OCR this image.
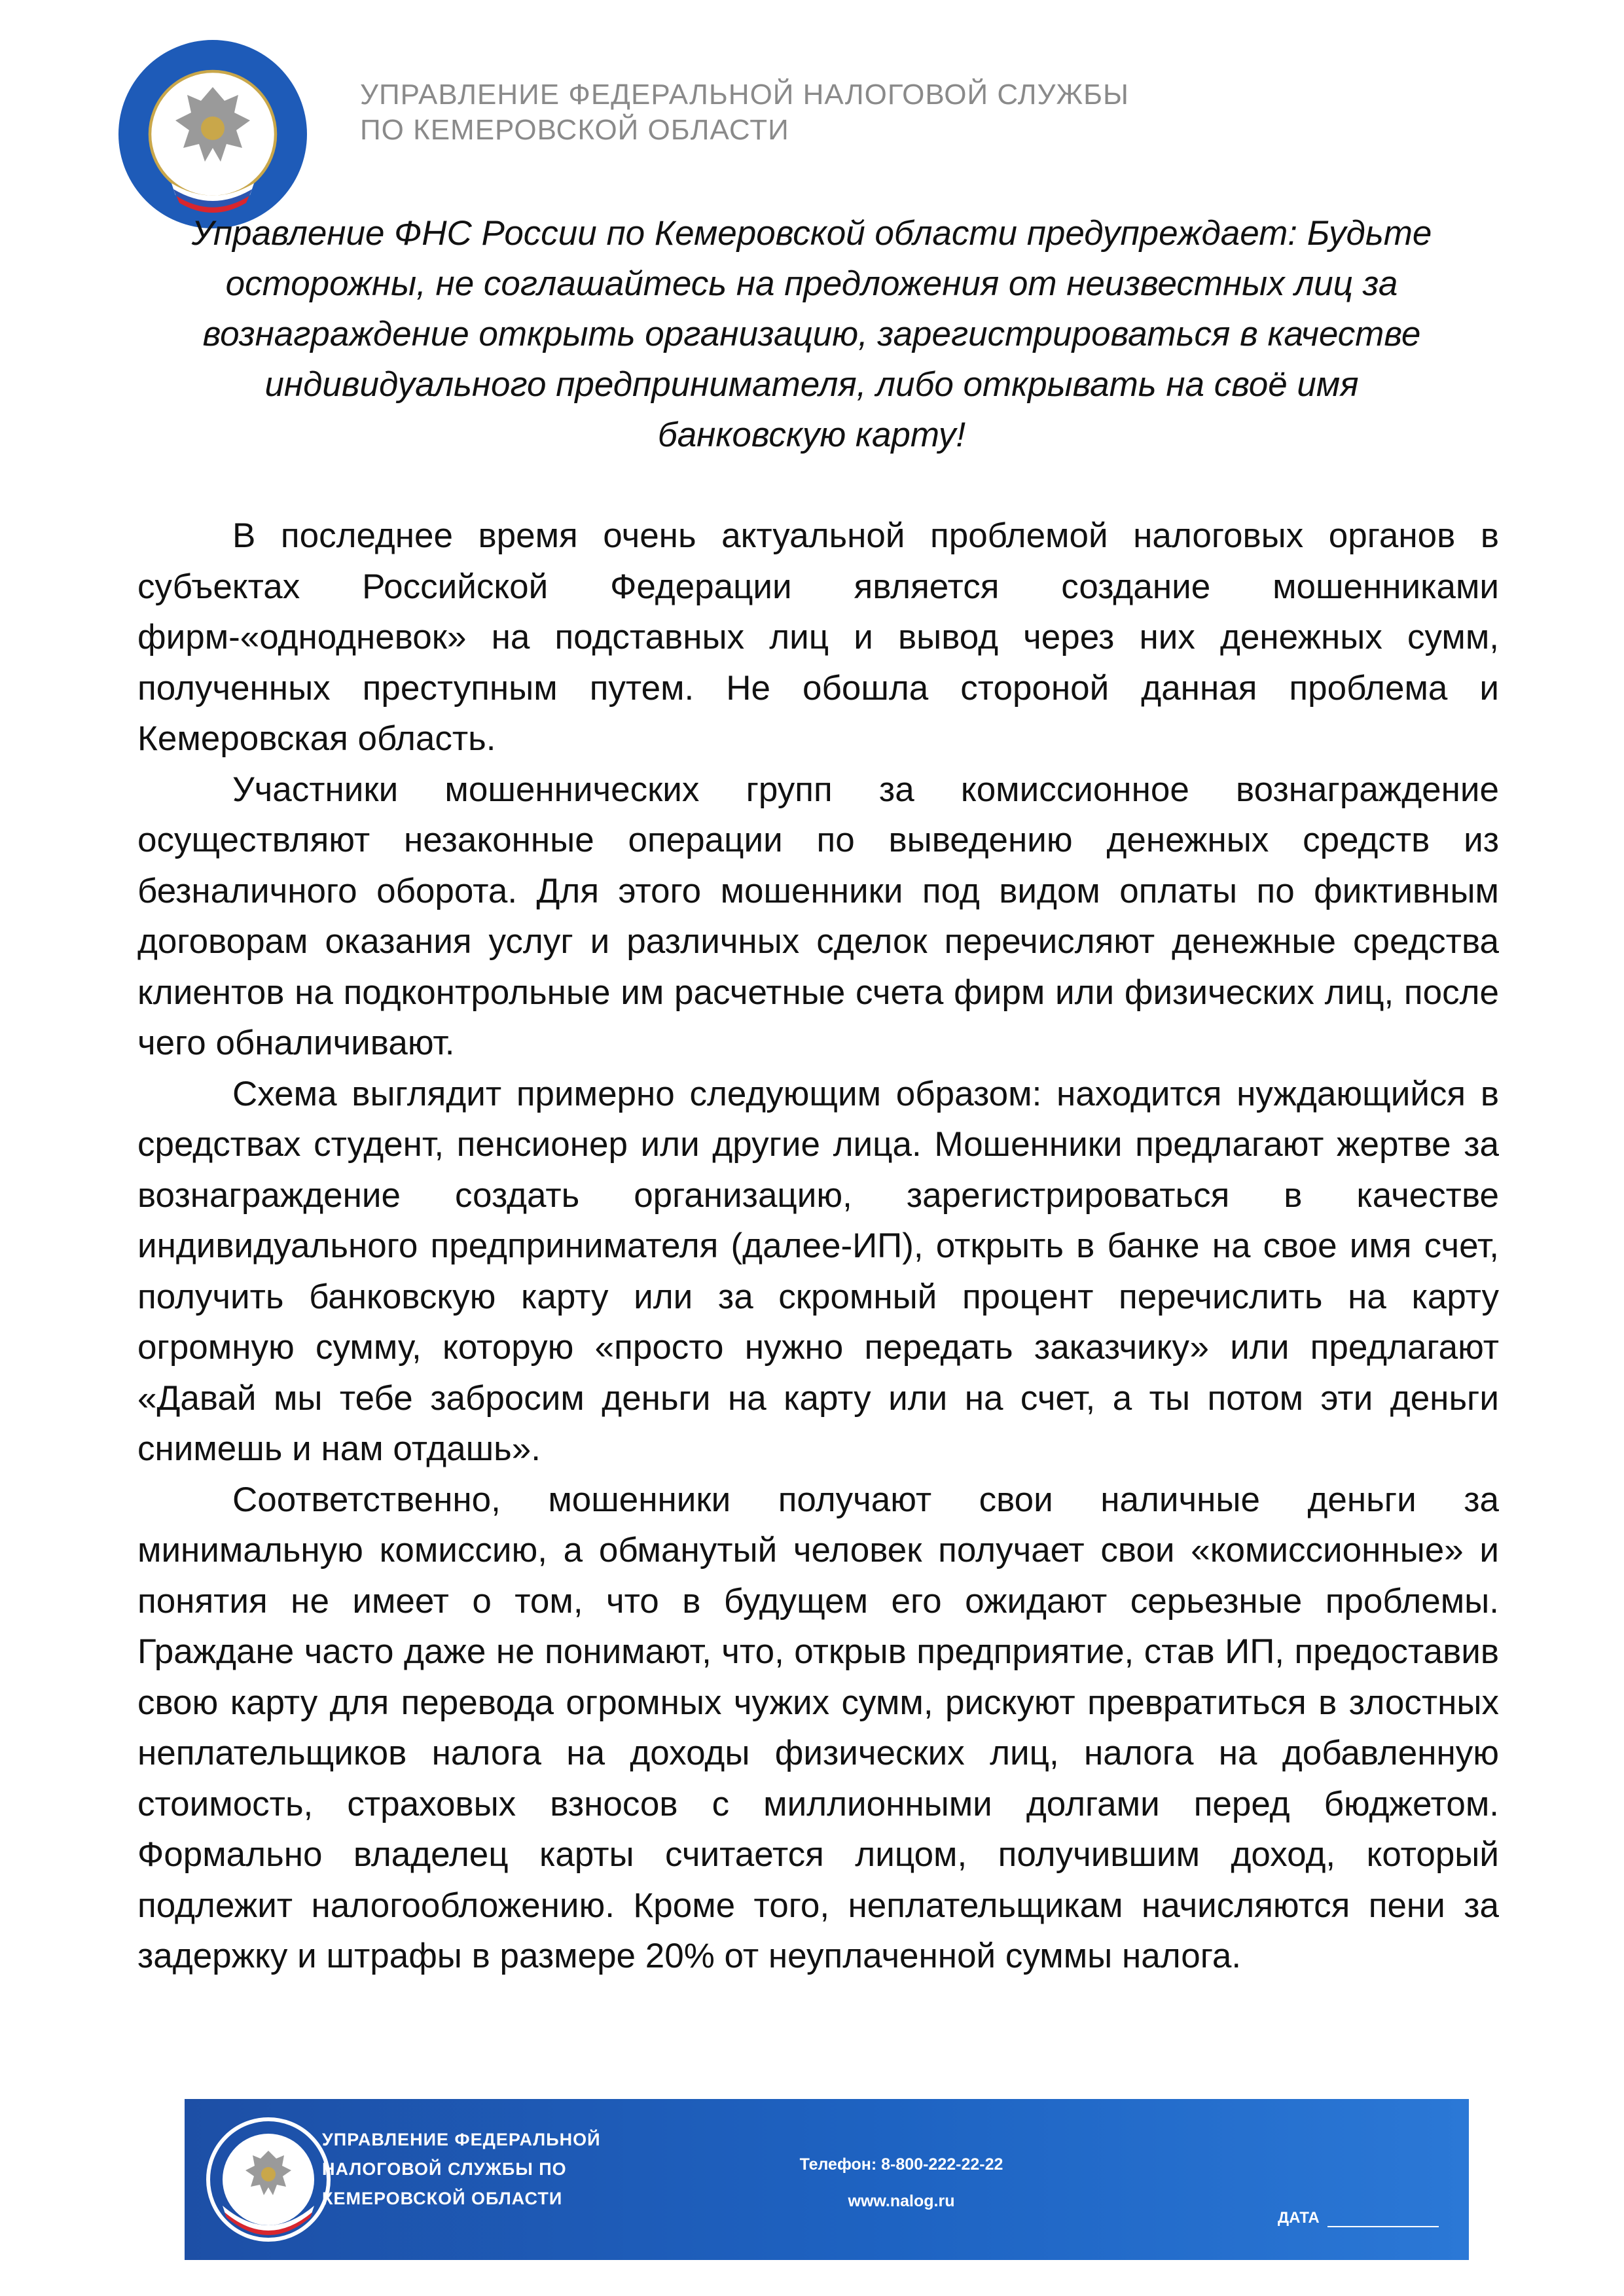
УПРАВЛЕНИЕ ФЕДЕРАЛЬНОЙ НАЛОГОВОЙ СЛУЖБЫ
ПО КЕМЕРОВСКОЙ ОБЛАСТИ
Управление ФНС России по Кемеровской области предупреждает: Будьте
осторожны, не соглашайтесь на предложения от неизвестных лиц за
вознаграждение открыть организацию, зарегистрироваться в качестве
индивидуального предпринимателя, либо открывать на своё имя
банковскую карту!

В последнее время очень актуальной проблемой налоговых органов в субъектах Российской Федерации является создание мошенниками фирм-«однодневок» на подставных лиц и вывод через них денежных сумм, полученных преступным путем. Не обошла стороной данная проблема и Кемеровская область.

Участники мошеннических групп за комиссионное вознаграждение осуществляют незаконные операции по выведению денежных средств из безналичного оборота. Для этого мошенники под видом оплаты по фиктивным договорам оказания услуг и различных сделок перечисляют денежные средства клиентов на подконтрольные им расчетные счета фирм или физических лиц, после чего обналичивают.

Схема выглядит примерно следующим образом: находится нуждающийся в средствах студент, пенсионер или другие лица. Мошенники предлагают жертве за вознаграждение создать организацию, зарегистрироваться в качестве индивидуального предпринимателя (далее-ИП), открыть в банке на свое имя счет, получить банковскую карту или за скромный процент перечислить на карту огромную сумму, которую «просто нужно передать заказчику» или предлагают «Давай мы тебе забросим деньги на карту или на счет, а ты потом эти деньги снимешь и нам отдашь».

Соответственно, мошенники получают свои наличные деньги за минимальную комиссию, а обманутый человек получает свои «комиссионные» и понятия не имеет о том, что в будущем его ожидают серьезные проблемы. Граждане часто даже не понимают, что, открыв предприятие, став ИП, предоставив свою карту для перевода огромных чужих сумм, рискуют превратиться в злостных неплательщиков налога на доходы физических лиц, налога на добавленную стоимость, страховых взносов с миллионными долгами перед бюджетом. Формально владелец карты считается лицом, получившим доход, который подлежит налогообложению. Кроме того, неплательщикам начисляются пени за задержку и штрафы в размере 20% от неуплаченной суммы налога.

УПРАВЛЕНИЕ ФЕДЕРАЛЬНОЙ
НАЛОГОВОЙ СЛУЖБЫ ПО
КЕМЕРОВСКОЙ ОБЛАСТИ
Телефон: 8-800-222-22-22
www.nalog.ru
ДАТА
